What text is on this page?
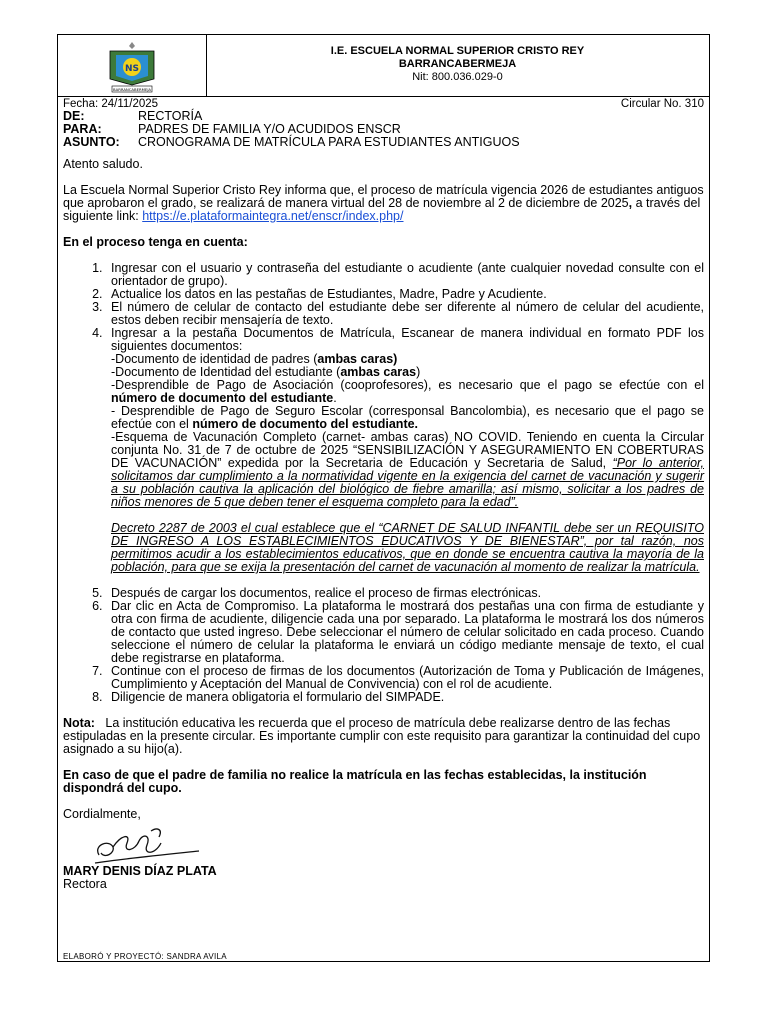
NS
BARRANCABERMEJA
I.E. ESCUELA NORMAL SUPERIOR CRISTO REY
BARRANCABERMEJA
Nit: 800.036.029-0
Fecha: 24/11/2025	Circular No. 310
DE:	RECTORÍA
PARA:	PADRES DE FAMILIA Y/O ACUDIDOS ENSCR
ASUNTO:	CRONOGRAMA DE MATRÍCULA PARA ESTUDIANTES ANTIGUOS

Atento saludo.

La Escuela Normal Superior Cristo Rey informa que, el proceso de matrícula vigencia 2026 de estudiantes antiguos que aprobaron el grado, se realizará de manera virtual del 28 de noviembre al 2 de diciembre de 2025, a través del siguiente link: https://e.plataformaintegra.net/enscr/index.php/

En el proceso tenga en cuenta:

1. Ingresar con el usuario y contraseña del estudiante o acudiente (ante cualquier novedad consulte con el orientador de grupo).
2. Actualice los datos en las pestañas de Estudiantes, Madre, Padre y Acudiente.
3. El número de celular de contacto del estudiante debe ser diferente al número de celular del acudiente, estos deben recibir mensajería de texto.
4. Ingresar a la pestaña Documentos de Matrícula, Escanear de manera individual en formato PDF los siguientes documentos:
-Documento de identidad de padres (ambas caras)
-Documento de Identidad del estudiante (ambas caras)
-Desprendible de Pago de Asociación (cooprofesores), es necesario que el pago se efectúe con el número de documento del estudiante.
- Desprendible de Pago de Seguro Escolar (corresponsal Bancolombia), es necesario que el pago se efectúe con el número de documento del estudiante.
-Esquema de Vacunación Completo (carnet- ambas caras) NO COVID. Teniendo en cuenta la Circular conjunta No. 31 de 7 de octubre de 2025 “SENSIBILIZACIÓN Y ASEGURAMIENTO EN COBERTURAS DE VACUNACIÓN” expedida por la Secretaria de Educación y Secretaria de Salud, “Por lo anterior, solicitamos dar cumplimiento a la normatividad vigente en la exigencia del carnet de vacunación y sugerir a su población cautiva la aplicación del biológico de fiebre amarilla; así mismo, solicitar a los padres de niños menores de 5 que deben tener el esquema completo para la edad”.
Decreto 2287 de 2003 el cual establece que el “CARNET DE SALUD INFANTIL debe ser un REQUISITO DE INGRESO A LOS ESTABLECIMIENTOS EDUCATIVOS Y DE BIENESTAR”, por tal razón, nos permitimos acudir a los establecimientos educativos, que en donde se encuentra cautiva la mayoría de la población, para que se exija la presentación del carnet de vacunación al momento de realizar la matrícula.
5. Después de cargar los documentos, realice el proceso de firmas electrónicas.
6. Dar clic en Acta de Compromiso. La plataforma le mostrará dos pestañas una con firma de estudiante y otra con firma de acudiente, diligencie cada una por separado. La plataforma le mostrará los dos números de contacto que usted ingreso. Debe seleccionar el número de celular solicitado en cada proceso. Cuando seleccione el número de celular la plataforma le enviará un código mediante mensaje de texto, el cual debe registrarse en plataforma.
7. Continue con el proceso de firmas de los documentos (Autorización de Toma y Publicación de Imágenes, Cumplimiento y Aceptación del Manual de Convivencia) con el rol de acudiente.
8. Diligencie de manera obligatoria el formulario del SIMPADE.

Nota:   La institución educativa les recuerda que el proceso de matrícula debe realizarse dentro de las fechas estipuladas en la presente circular. Es importante cumplir con este requisito para garantizar la continuidad del cupo asignado a su hijo(a).

En caso de que el padre de familia no realice la matrícula en las fechas establecidas, la institución dispondrá del cupo.

Cordialmente,

MARY DENIS DÍAZ PLATA

Rectora

ELABORÓ Y PROYECTÓ: SANDRA AVILA
